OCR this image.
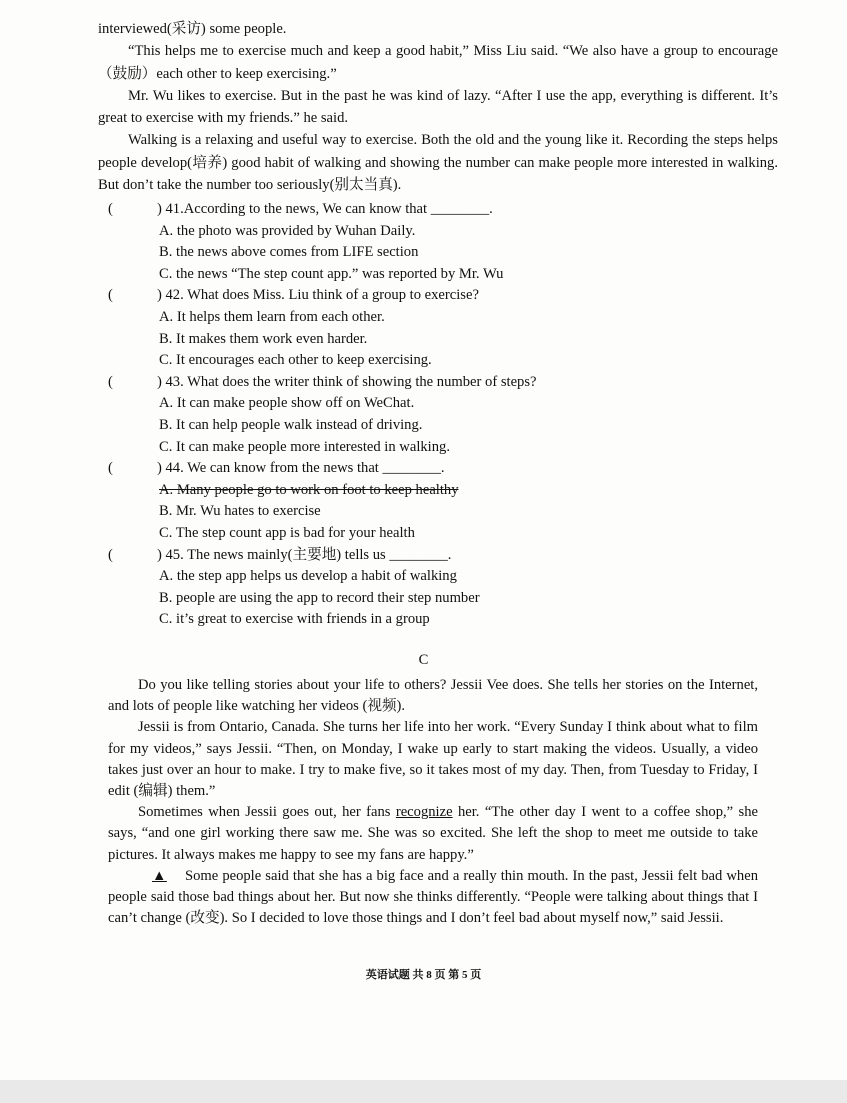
interviewed(采访) some people.

“This helps me to exercise much and keep a good habit,” Miss Liu said. “We also have a group to encourage （鼓励）each other to keep exercising.”

Mr. Wu likes to exercise. But in the past he was kind of lazy. “After I use the app, everything is different. It’s great to exercise with my friends.” he said.

Walking is a relaxing and useful way to exercise. Both the old and the young like it. Recording the steps helps people develop(培养) good habit of walking and showing the number can make people more interested in walking. But don’t take the number too seriously(别太当真).

(	) 41.According to the news, We can know that ________.
A. the photo was provided by Wuhan Daily.
B. the news above comes from LIFE section
C. the news “The step count app.” was reported by Mr. Wu
(	) 42. What does Miss. Liu think of a group to exercise?
A. It helps them learn from each other.
B. It makes them work even harder.
C. It encourages each other to keep exercising.
(	) 43. What does the writer think of showing the number of steps?
A. It can make people show off on WeChat.
B. It can help people walk instead of driving.
C. It can make people more interested in walking.
(	) 44. We can know from the news that ________.
A. Many people go to work on foot to keep healthy
B. Mr. Wu hates to exercise
C. The step count app is bad for your health
(	) 45. The news mainly(主要地) tells us ________.
A. the step app helps us develop a habit of walking
B. people are using the app to record their step number
C. it’s great to exercise with friends in a group
C

Do you like telling stories about your life to others? Jessii Vee does. She tells her stories on the Internet, and lots of people like watching her videos (视频).

Jessii is from Ontario, Canada. She turns her life into her work. “Every Sunday I think about what to film for my videos,” says Jessii. “Then, on Monday, I wake up early to start making the videos. Usually, a video takes just over an hour to make. I try to make five, so it takes most of my day. Then, from Tuesday to Friday, I edit (编辑) them.”

Sometimes when Jessii goes out, her fans recognize her. “The other day I went to a coffee shop,” she says, “and one girl working there saw me. She was so excited. She left the shop to meet me outside to take pictures. It always makes me happy to see my fans are happy.”

▲ Some people said that she has a big face and a really thin mouth. In the past, Jessii felt bad when people said those bad things about her. But now she thinks differently. “People were talking about things that I can’t change (改变). So I decided to love those things and I don’t feel bad about myself now,” said Jessii.

英语试题 共 8 页 第 5 页
